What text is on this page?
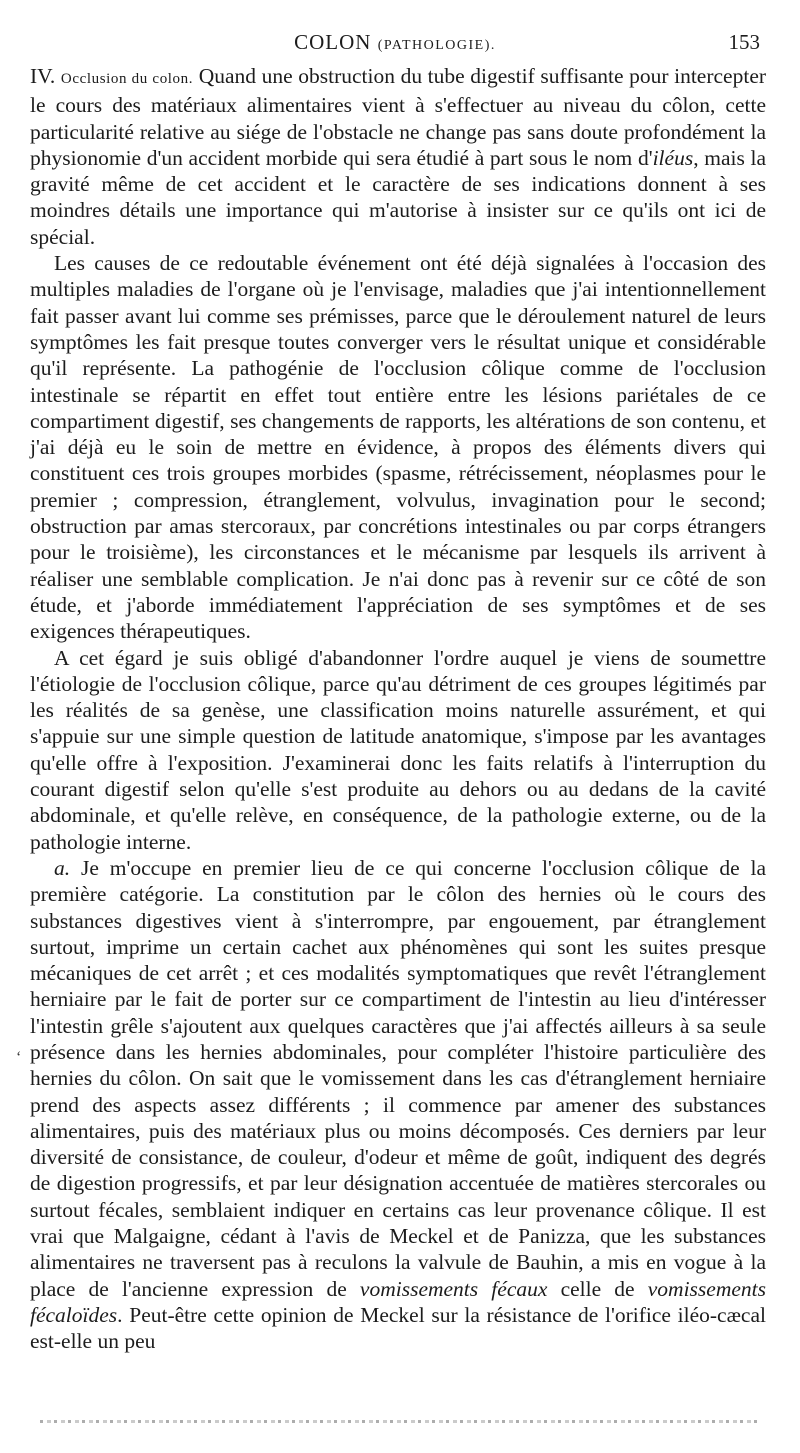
COLON (PATHOLOGIE).	153

IV. Occlusion du colon. Quand une obstruction du tube digestif suffisante pour intercepter le cours des matériaux alimentaires vient à s'effectuer au niveau du côlon, cette particularité relative au siége de l'obstacle ne change pas sans doute profondément la physionomie d'un accident morbide qui sera étudié à part sous le nom d'iléus, mais la gravité même de cet accident et le caractère de ses indications donnent à ses moindres détails une importance qui m'autorise à insister sur ce qu'ils ont ici de spécial.

Les causes de ce redoutable événement ont été déjà signalées à l'occasion des multiples maladies de l'organe où je l'envisage, maladies que j'ai intentionnellement fait passer avant lui comme ses prémisses, parce que le déroulement naturel de leurs symptômes les fait presque toutes converger vers le résultat unique et considérable qu'il représente. La pathogénie de l'occlusion côlique comme de l'occlusion intestinale se répartit en effet tout entière entre les lésions pariétales de ce compartiment digestif, ses changements de rapports, les altérations de son contenu, et j'ai déjà eu le soin de mettre en évidence, à propos des éléments divers qui constituent ces trois groupes morbides (spasme, rétrécissement, néoplasmes pour le premier ; compression, étranglement, volvulus, invagination pour le second; obstruction par amas stercoraux, par concrétions intestinales ou par corps étrangers pour le troisième), les circonstances et le mécanisme par lesquels ils arrivent à réaliser une semblable complication. Je n'ai donc pas à revenir sur ce côté de son étude, et j'aborde immédiatement l'appréciation de ses symptômes et de ses exigences thérapeutiques.

A cet égard je suis obligé d'abandonner l'ordre auquel je viens de soumettre l'étiologie de l'occlusion côlique, parce qu'au détriment de ces groupes légitimés par les réalités de sa genèse, une classification moins naturelle assurément, et qui s'appuie sur une simple question de latitude anatomique, s'impose par les avantages qu'elle offre à l'exposition. J'examinerai donc les faits relatifs à l'interruption du courant digestif selon qu'elle s'est produite au dehors ou au dedans de la cavité abdominale, et qu'elle relève, en conséquence, de la pathologie externe, ou de la pathologie interne.

a. Je m'occupe en premier lieu de ce qui concerne l'occlusion côlique de la première catégorie. La constitution par le côlon des hernies où le cours des substances digestives vient à s'interrompre, par engouement, par étranglement surtout, imprime un certain cachet aux phénomènes qui sont les suites presque mécaniques de cet arrêt ; et ces modalités symptomatiques que revêt l'étranglement herniaire par le fait de porter sur ce compartiment de l'intestin au lieu d'intéresser l'intestin grêle s'ajoutent aux quelques caractères que j'ai affectés ailleurs à sa seule présence dans les hernies abdominales, pour compléter l'histoire particulière des hernies du côlon. On sait que le vomissement dans les cas d'étranglement herniaire prend des aspects assez différents ; il commence par amener des substances alimentaires, puis des matériaux plus ou moins décomposés. Ces derniers par leur diversité de consistance, de couleur, d'odeur et même de goût, indiquent des degrés de digestion progressifs, et par leur désignation accentuée de matières stercorales ou surtout fécales, semblaient indiquer en certains cas leur provenance côlique. Il est vrai que Malgaigne, cédant à l'avis de Meckel et de Panizza, que les substances alimentaires ne traversent pas à reculons la valvule de Bauhin, a mis en vogue à la place de l'ancienne expression de vomissements fécaux celle de vomissements fécaloïdes. Peut-être cette opinion de Meckel sur la résistance de l'orifice iléo-cæcal est-elle un peu

‘
